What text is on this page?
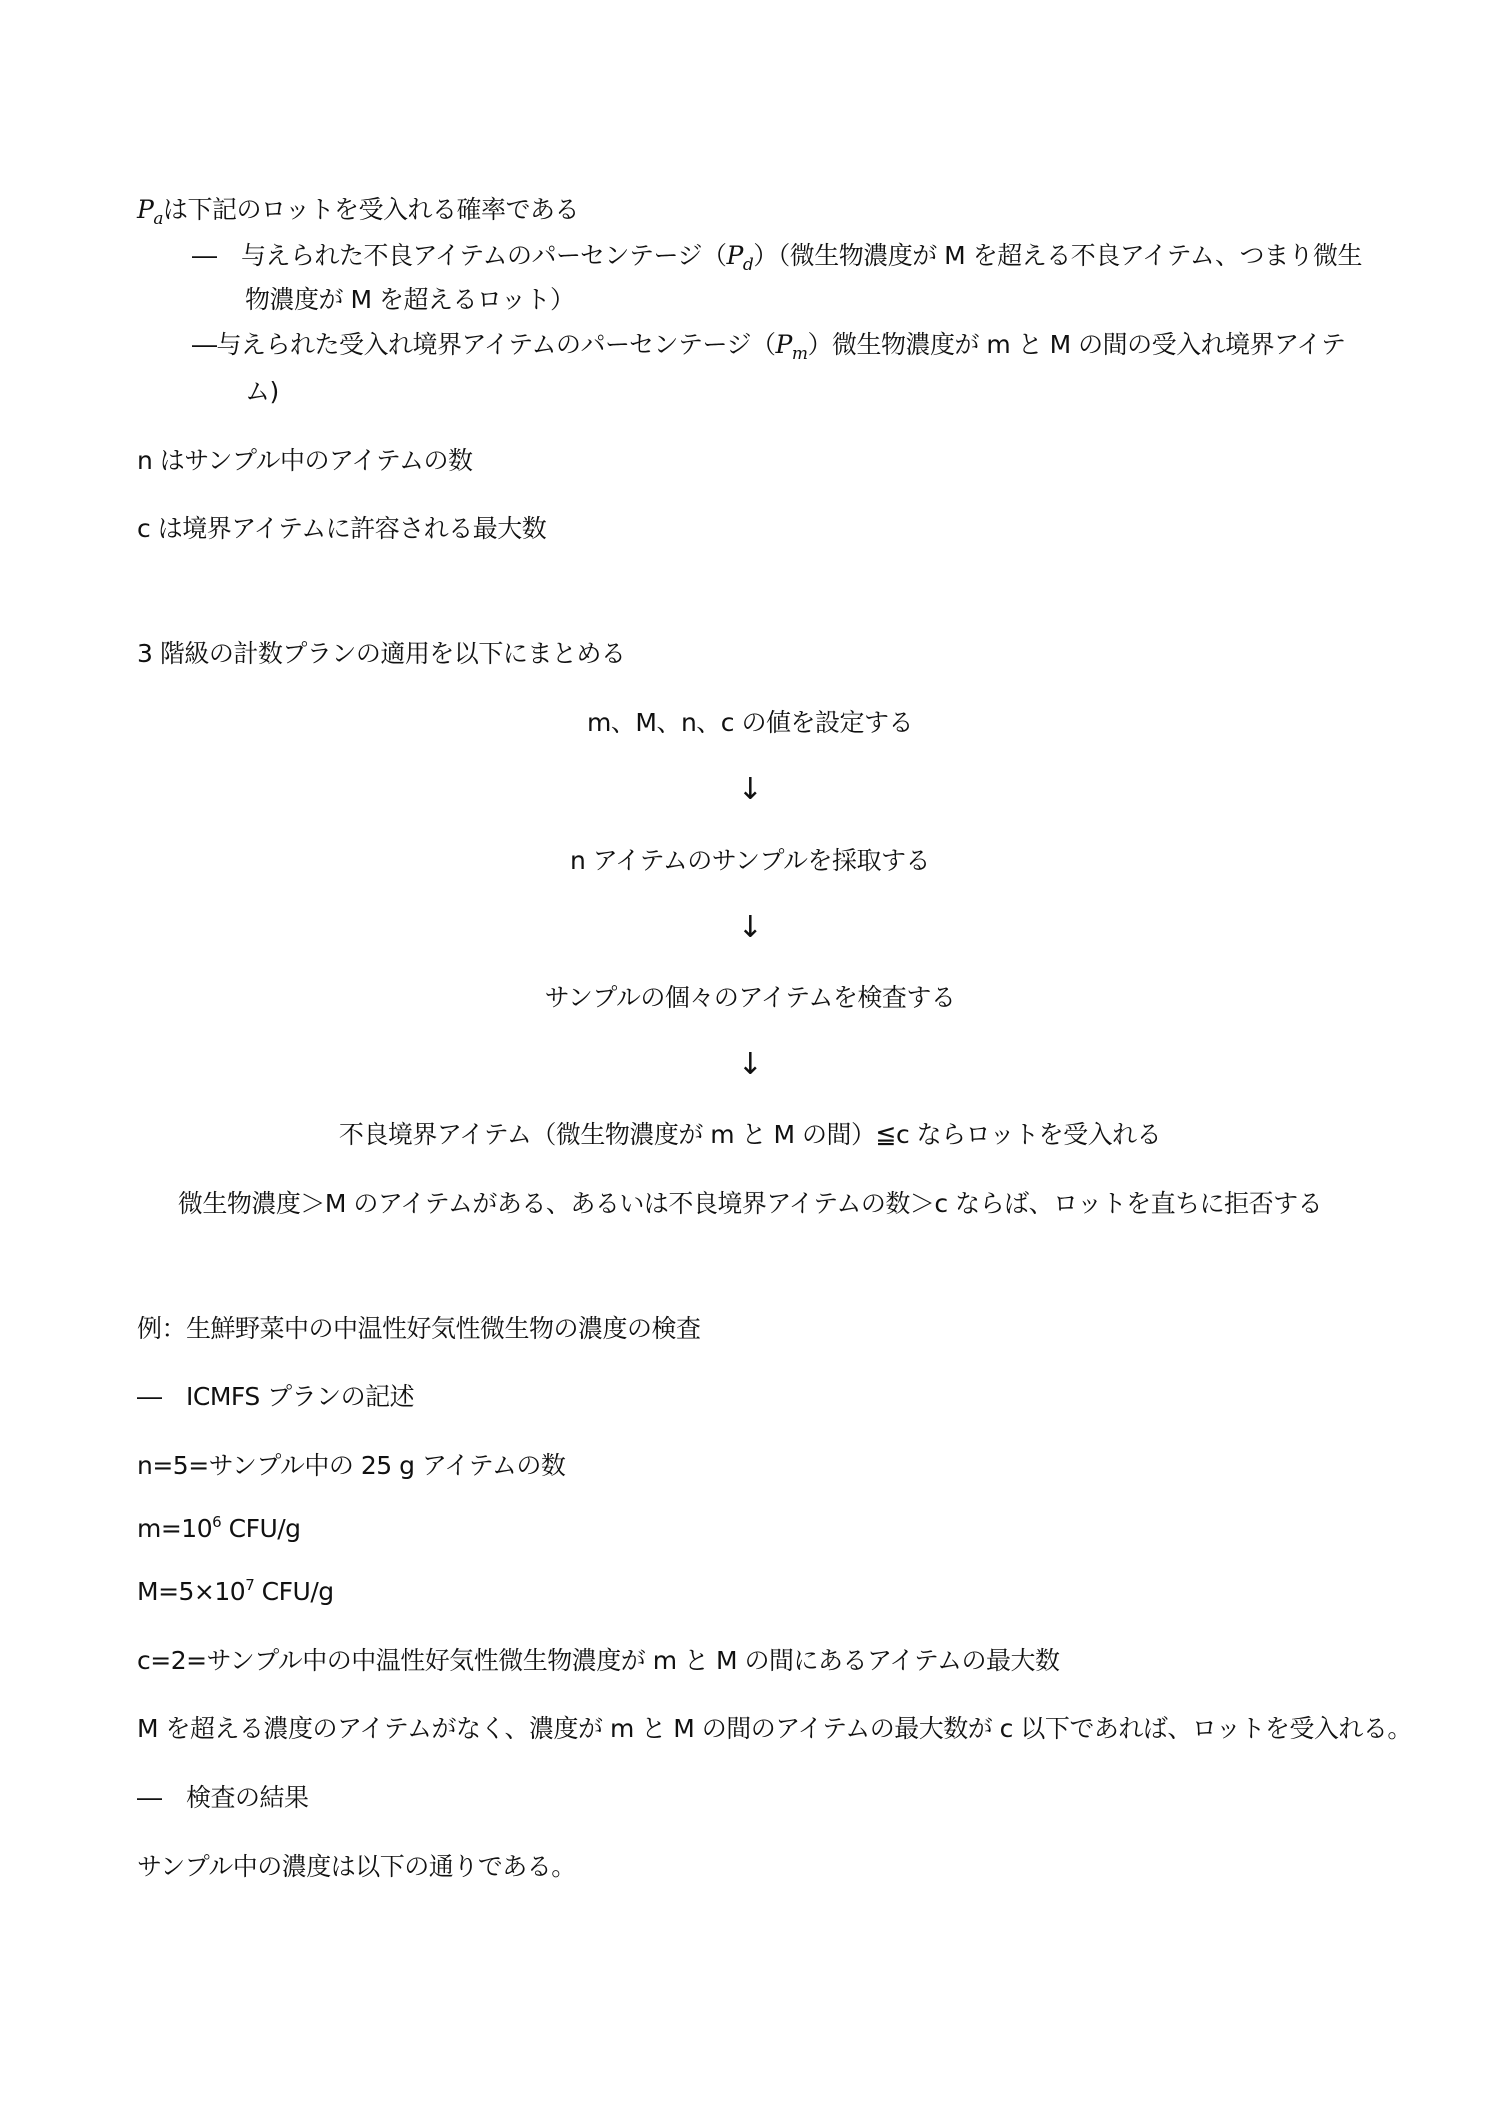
$P_a$は下記のロットを受入れる確率である
―　与えられた不良アイテムのパーセンテージ$(P_d)$（微生物濃度が M を超える不良アイテム、つまり微生
物濃度が M を超えるロット）
―与えられた受入れ境界アイテムのパーセンテージ$(P_m)$微生物濃度が m と M の間の受入れ境界アイテ
ム)
n はサンプル中のアイテムの数
c は境界アイテムに許容される最大数
3 階級の計数プランの適用を以下にまとめる
m、M、n、c の値を設定する
↓
n アイテムのサンプルを採取する
↓
サンプルの個々のアイテムを検査する
↓
不良境界アイテム（微生物濃度が m と M の間）≦c ならロットを受入れる
微生物濃度＞M のアイテムがある、あるいは不良境界アイテムの数＞c ならば、ロットを直ちに拒否する
例：生鮮野菜中の中温性好気性微生物の濃度の検査
―　ICMFS プランの記述
n=5=サンプル中の 25 g アイテムの数
$m=10^6$ CFU/g
$M=5\times 10^7$ CFU/g
c=2=サンプル中の中温性好気性微生物濃度が m と M の間にあるアイテムの最大数
M を超える濃度のアイテムがなく、濃度が m と M の間のアイテムの最大数が c 以下であれば、ロットを受入れる。
―　検査の結果
サンプル中の濃度は以下の通りである。
